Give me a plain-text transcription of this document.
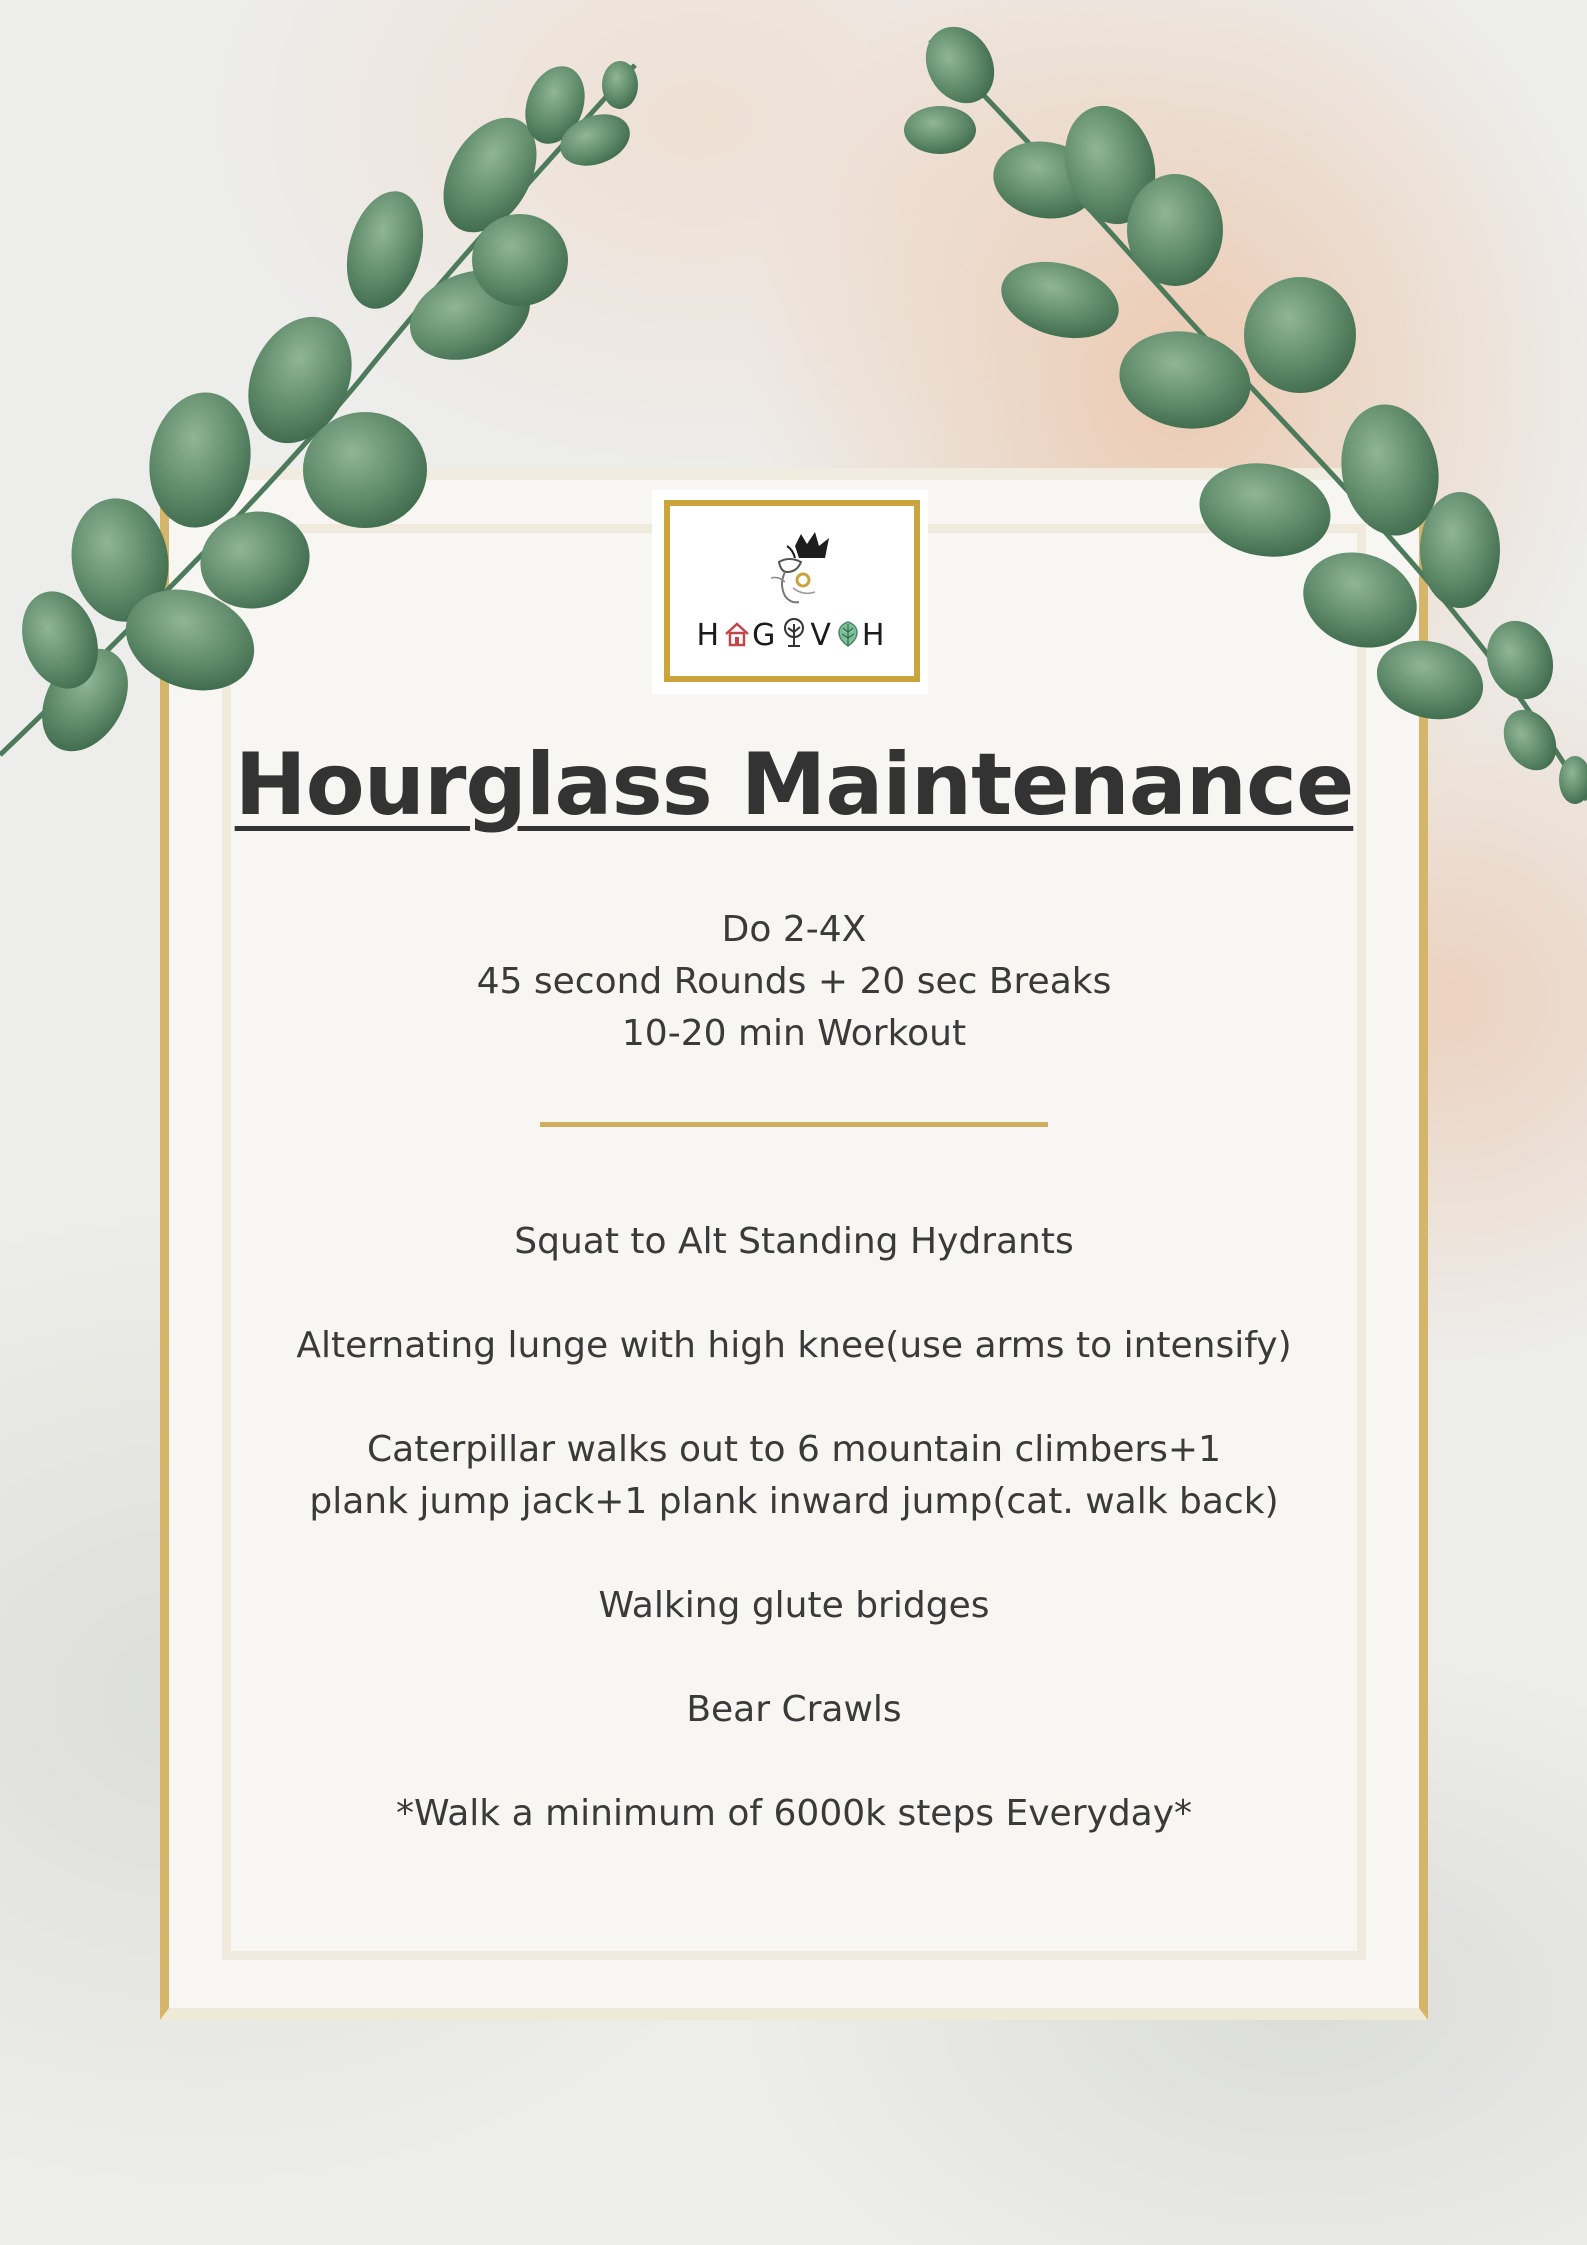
H G V H
Hourglass Maintenance

Do 2-4X

45 second Rounds + 20 sec Breaks

10-20 min Workout

Squat to Alt Standing Hydrants

Alternating lunge with high knee(use arms to intensify)

Caterpillar walks out to 6 mountain climbers+1

plank jump jack+1 plank inward jump(cat. walk back)

Walking glute bridges

Bear Crawls

*Walk a minimum of 6000k steps Everyday*
